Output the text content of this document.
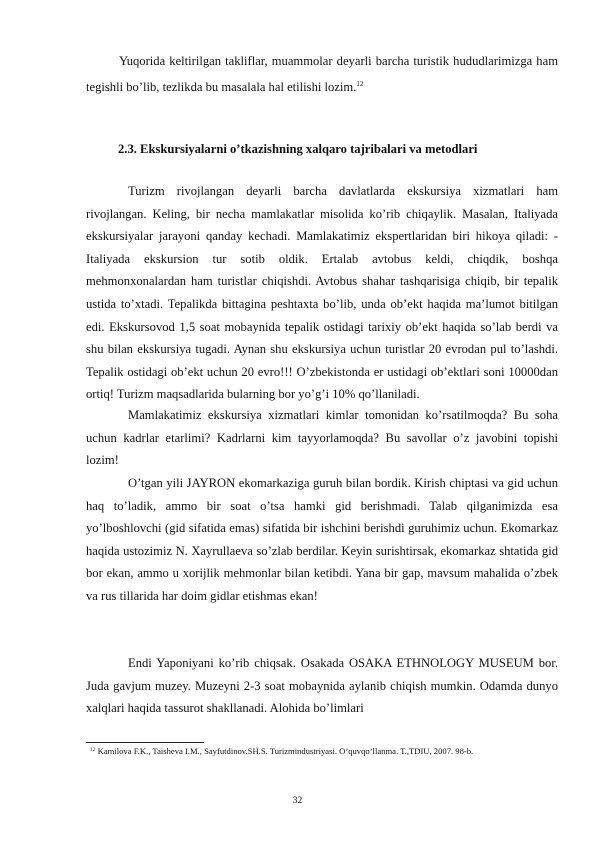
Yuqorida keltirilgan takliflar, muammolar deyarli barcha turistik hududlarimizga ham tegishli bo’lib, tezlikda bu masalala hal etilishi lozim.$^{12}$

2.3. Ekskursiyalarni o’tkazishning xalqaro tajribalari va metodlari

Turizm rivojlangan deyarli barcha davlatlarda ekskursiya xizmatlari ham rivojlangan. Keling, bir necha mamlakatlar misolida ko’rib chiqaylik. Masalan, Italiyada ekskursiyalar jarayoni qanday kechadi. Mamlakatimiz ekspertlaridan biri hikoya qiladi: - Italiyada ekskursion tur sotib oldik. Ertalab avtobus keldi, chiqdik, boshqa mehmonxonalardan ham turistlar chiqishdi. Avtobus shahar tashqarisiga chiqib, bir tepalik ustida to’xtadi. Tepalikda bittagina peshtaxta bo’lib, unda ob’ekt haqida ma’lumot bitilgan edi. Ekskursovod 1,5 soat mobaynida tepalik ostidagi tarixiy ob’ekt haqida so’lab berdi va shu bilan ekskursiya tugadi. Aynan shu ekskursiya uchun turistlar 20 evrodan pul to’lashdi. Tepalik ostidagi ob’ekt uchun 20 evro!!! O’zbekistonda er ustidagi ob’ektlari soni 10000dan ortiq! Turizm maqsadlarida bularning bor yo’g’i 10% qo’llaniladi.

Mamlakatimiz ekskursiya xizmatlari kimlar tomonidan ko’rsatilmoqda? Bu soha uchun kadrlar etarlimi? Kadrlarni kim tayyorlamoqda? Bu savollar o’z javobini topishi lozim!

O’tgan yili JAYRON ekomarkaziga guruh bilan bordik. Kirish chiptasi va gid uchun haq to’ladik, ammo bir soat o’tsa hamki gid berishmadi. Talab qilganimizda esa yo’lboshlovchi (gid sifatida emas) sifatida bir ishchini berishdi guruhimiz uchun. Ekomarkaz haqida ustozimiz N. Xayrullaeva so’zlab berdilar. Keyin surishtirsak, ekomarkaz shtatida gid bor ekan, ammo u xorijlik mehmonlar bilan ketibdi. Yana bir gap, mavsum mahalida o’zbek va rus tillarida har doim gidlar etishmas ekan!

Endi Yaponiyani ko’rib chiqsak. Osakada OSAKA ETHNOLOGY MUSEUM bor. Juda gavjum muzey. Muzeyni 2-3 soat mobaynida aylanib chiqish mumkin. Odamda dunyo xalqlari haqida tassurot shakllanadi. Alohida bo’limlari

$^{12}$ Kamilova F.K., Taisheva I.M., Sayfutdinov.SH.S. Turizmindustriyasi. O’quvqo’llanma. T.,TDIU, 2007. 98-b.
32
